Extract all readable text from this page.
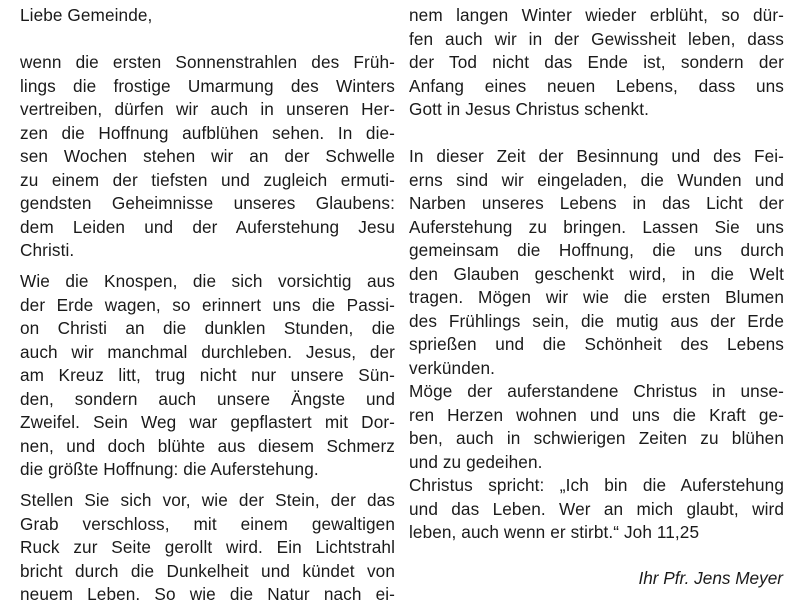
Liebe Gemeinde,
wenn die ersten Sonnenstrahlen des Früh-
lings die frostige Umarmung des Winters
vertreiben, dürfen wir auch in unseren Her-
zen die Hoffnung aufblühen sehen. In die-
sen Wochen stehen wir an der Schwelle
zu einem der tiefsten und zugleich ermuti-
gendsten Geheimnisse unseres Glaubens:
dem Leiden und der Auferstehung Jesu
Christi.
Wie die Knospen, die sich vorsichtig aus
der Erde wagen, so erinnert uns die Passi-
on Christi an die dunklen Stunden, die
auch wir manchmal durchleben. Jesus, der
am Kreuz litt, trug nicht nur unsere Sün-
den, sondern auch unsere Ängste und
Zweifel. Sein Weg war gepflastert mit Dor-
nen, und doch blühte aus diesem Schmerz
die größte Hoffnung: die Auferstehung.
Stellen Sie sich vor, wie der Stein, der das
Grab verschloss, mit einem gewaltigen
Ruck zur Seite gerollt wird. Ein Lichtstrahl
bricht durch die Dunkelheit und kündet von
neuem Leben. So wie die Natur nach ei-
nem langen Winter wieder erblüht, so dür-
fen auch wir in der Gewissheit leben, dass
der Tod nicht das Ende ist, sondern der
Anfang eines neuen Lebens, dass uns
Gott in Jesus Christus schenkt.
In dieser Zeit der Besinnung und des Fei-
erns sind wir eingeladen, die Wunden und
Narben unseres Lebens in das Licht der
Auferstehung zu bringen. Lassen Sie uns
gemeinsam die Hoffnung, die uns durch
den Glauben geschenkt wird, in die Welt
tragen. Mögen wir wie die ersten Blumen
des Frühlings sein, die mutig aus der Erde
sprießen und die Schönheit des Lebens
verkünden.
Möge der auferstandene Christus in unse-
ren Herzen wohnen und uns die Kraft ge-
ben, auch in schwierigen Zeiten zu blühen
und zu gedeihen.
Christus spricht: „Ich bin die Auferstehung
und das Leben. Wer an mich glaubt, wird
leben, auch wenn er stirbt.“ Joh 11,25
Ihr Pfr. Jens Meyer
